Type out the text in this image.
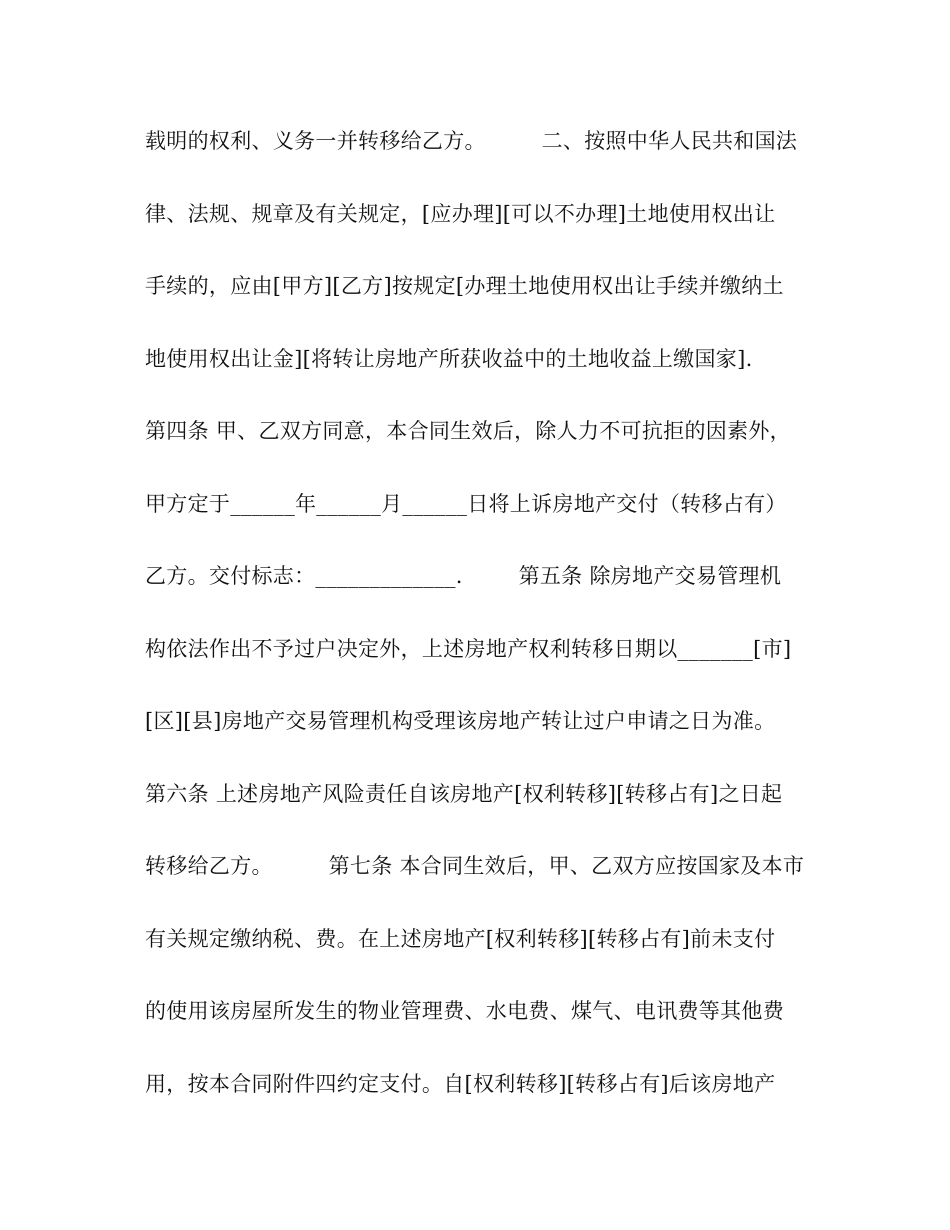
载明的权利、义务一并转移给乙方。        二、按照中华人民共和国法
律、法规、规章及有关规定，[应办理][可以不办理]土地使用权出让
手续的，应由[甲方][乙方]按规定[办理土地使用权出让手续并缴纳土
地使用权出让金][将转让房地产所获收益中的土地收益上缴国家].
第四条 甲、乙双方同意，本合同生效后，除人力不可抗拒的因素外，
甲方定于______年______月______日将上诉房地产交付（转移占有）
乙方。交付标志：_____________.        第五条 除房地产交易管理机
构依法作出不予过户决定外，上述房地产权利转移日期以_______[市]
[区][县]房地产交易管理机构受理该房地产转让过户申请之日为准。
第六条 上述房地产风险责任自该房地产[权利转移][转移占有]之日起
转移给乙方。        第七条 本合同生效后，甲、乙双方应按国家及本市
有关规定缴纳税、费。在上述房地产[权利转移][转移占有]前未支付
的使用该房屋所发生的物业管理费、水电费、煤气、电讯费等其他费
用，按本合同附件四约定支付。自[权利转移][转移占有]后该房地产
